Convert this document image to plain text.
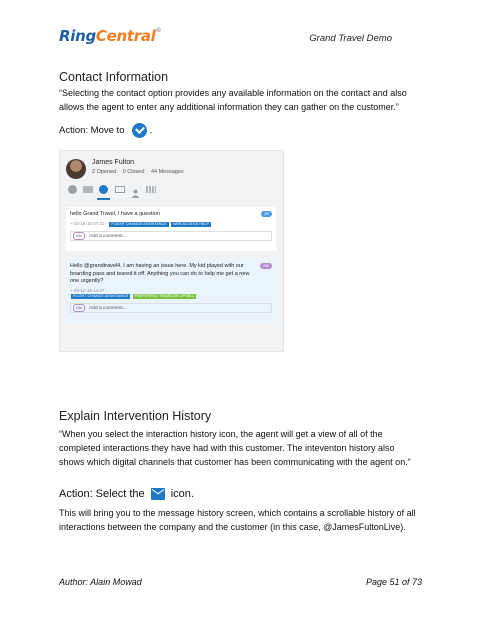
RingCentral®
Grand Travel Demo
Contact Information
“Selecting the contact option provides any available information on the contact and also allows the agent to enter any additional information they can gather on the customer.”
Action: Move to	.
James Fulton
2 Opened 0 Closed 44 Messages
hello Grand Travel, I have a question	JR
~ 03-18-15 07:31 · FLIGHT CHANGE ASSISTANCE WEB ACCESS HELP
AM Add a comment...
Hello @grandtravel4, I am having an issue here. My kid played with our boarding pass and teared it off. Anything you can do to help me get a new one urgently?
AM
~ 03-12-15 14:47 ·
FLIGHT CHANGE ASSISTANCE PREFERRED TRAVELER UPSELL
AM Add a comment...
Explain Intervention History
“When you select the interaction history icon, the agent will get a view of all of the completed interactions they have had with this customer. The inteventon history also shows which digital channels that customer has been communicating with the agent on.”
Action: Select the icon.
This will bring you to the message history screen, which contains a scrollable history of all interactions between the company and the customer (in this case, @JamesFultonLive).
Author: Alain Mowad	Page 51 of 73
